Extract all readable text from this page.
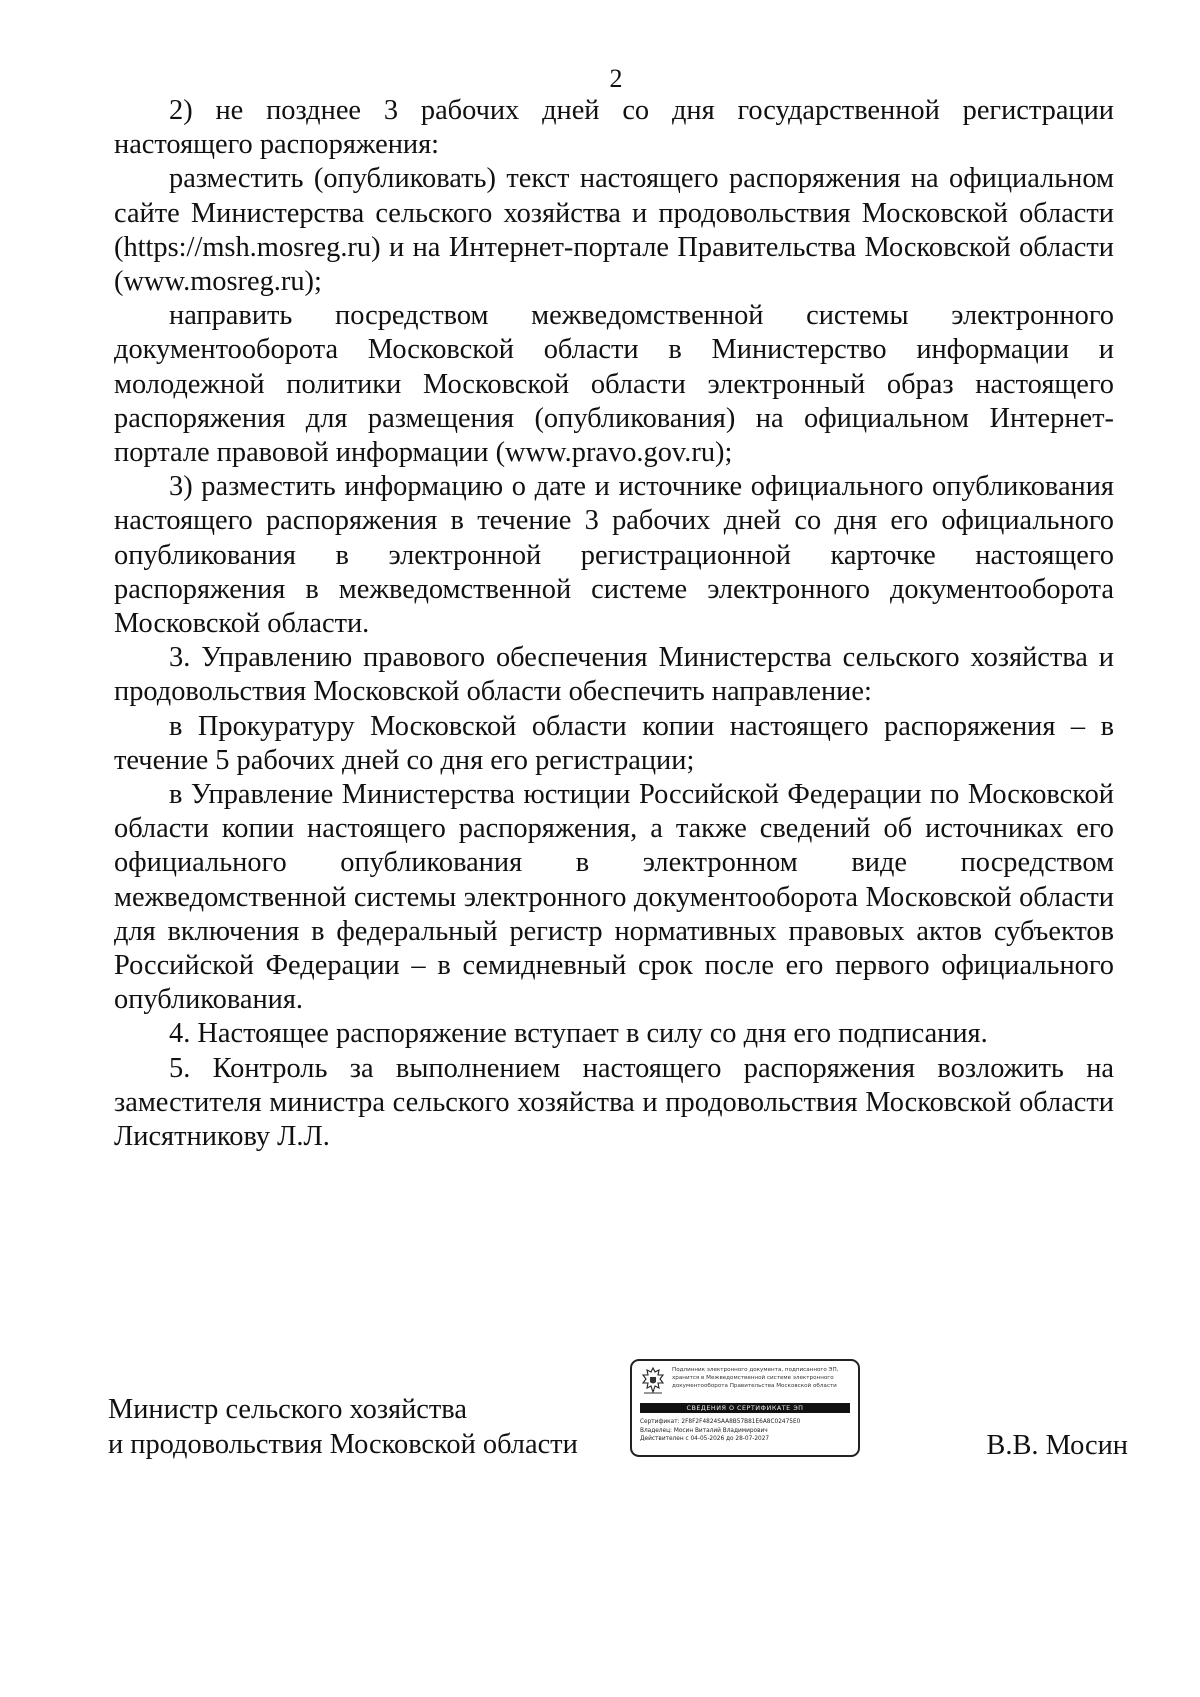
2

2) не позднее 3 рабочих дней со дня государственной регистрации настоящего распоряжения:

разместить (опубликовать) текст настоящего распоряжения на официальном сайте Министерства сельского хозяйства и продовольствия Московской области (https://msh.mosreg.ru) и на Интернет-портале Правительства Московской области (www.mosreg.ru);

направить посредством межведомственной системы электронного документооборота Московской области в Министерство информации и молодежной политики Московской области электронный образ настоящего распоряжения для размещения (опубликования) на официальном Интернет-портале правовой информации (www.pravo.gov.ru);

3) разместить информацию о дате и источнике официального опубликования настоящего распоряжения в течение 3 рабочих дней со дня его официального опубликования в электронной регистрационной карточке настоящего распоряжения в межведомственной системе электронного документооборота Московской области.

3. Управлению правового обеспечения Министерства сельского хозяйства и продовольствия Московской области обеспечить направление:

в Прокуратуру Московской области копии настоящего распоряжения – в течение 5 рабочих дней со дня его регистрации;

в Управление Министерства юстиции Российской Федерации по Московской области копии настоящего распоряжения, а также сведений об источниках его официального опубликования в электронном виде посредством межведомственной системы электронного документооборота Московской области для включения в федеральный регистр нормативных правовых актов субъектов Российской Федерации – в семидневный срок после его первого официального опубликования.

4. Настоящее распоряжение вступает в силу со дня его подписания.

5. Контроль за выполнением настоящего распоряжения возложить на заместителя министра сельского хозяйства и продовольствия Московской области Лисятникову Л.Л.

Министр сельского хозяйства
и продовольствия Московской области	В.В. Мосин
Подлинник электронного документа, подписанного ЭП,
хранится в Межведомственной системе электронного
документооборота Правительства Московской области
СВЕДЕНИЯ О СЕРТИФИКАТЕ ЭП
Сертификат: 2F8F2F4824SAA8B57B81E6A8C02475E0
Владелец: Мосин Виталий Владимирович
Действителен с 04-05-2026 до 28-07-2027
